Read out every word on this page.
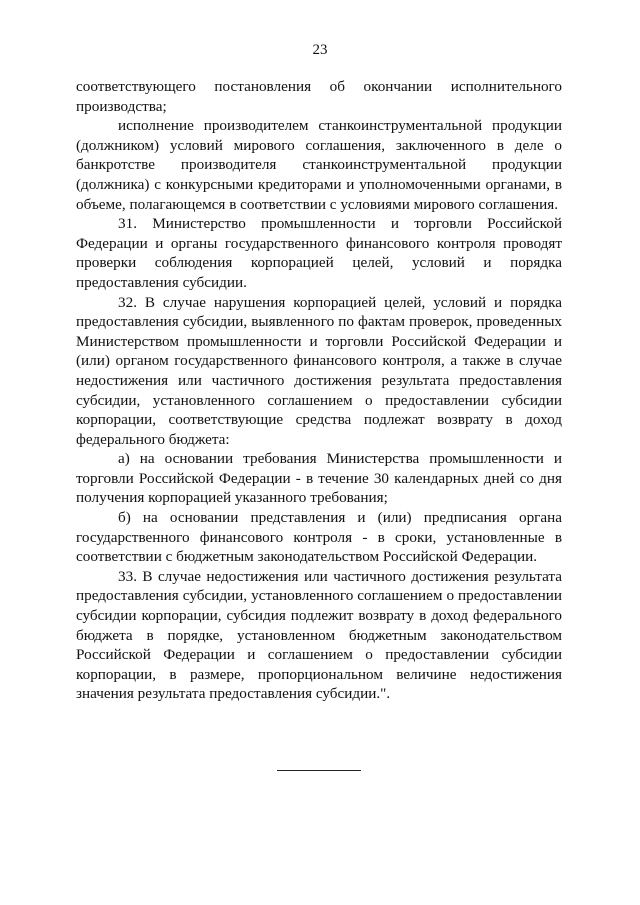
23

соответствующего постановления об окончании исполнительного производства;

исполнение производителем станкоинструментальной продукции (должником) условий мирового соглашения, заключенного в деле о банкротстве производителя станкоинструментальной продукции (должника) с конкурсными кредиторами и уполномоченными органами, в объеме, полагающемся в соответствии с условиями мирового соглашения.

31. Министерство промышленности и торговли Российской Федерации и органы государственного финансового контроля проводят проверки соблюдения корпорацией целей, условий и порядка предоставления субсидии.

32. В случае нарушения корпорацией целей, условий и порядка предоставления субсидии, выявленного по фактам проверок, проведенных Министерством промышленности и торговли Российской Федерации и (или) органом государственного финансового контроля, а также в случае недостижения или частичного достижения результата предоставления субсидии, установленного соглашением о предоставлении субсидии корпорации, соответствующие средства подлежат возврату в доход федерального бюджета:

а) на основании требования Министерства промышленности и торговли Российской Федерации - в течение 30 календарных дней со дня получения корпорацией указанного требования;

б) на основании представления и (или) предписания органа государственного финансового контроля - в сроки, установленные в соответствии с бюджетным законодательством Российской Федерации.

33. В случае недостижения или частичного достижения результата предоставления субсидии, установленного соглашением о предоставлении субсидии корпорации, субсидия подлежит возврату в доход федерального бюджета в порядке, установленном бюджетным законодательством Российской Федерации и соглашением о предоставлении субсидии корпорации, в размере, пропорциональном величине недостижения значения результата предоставления субсидии.".
